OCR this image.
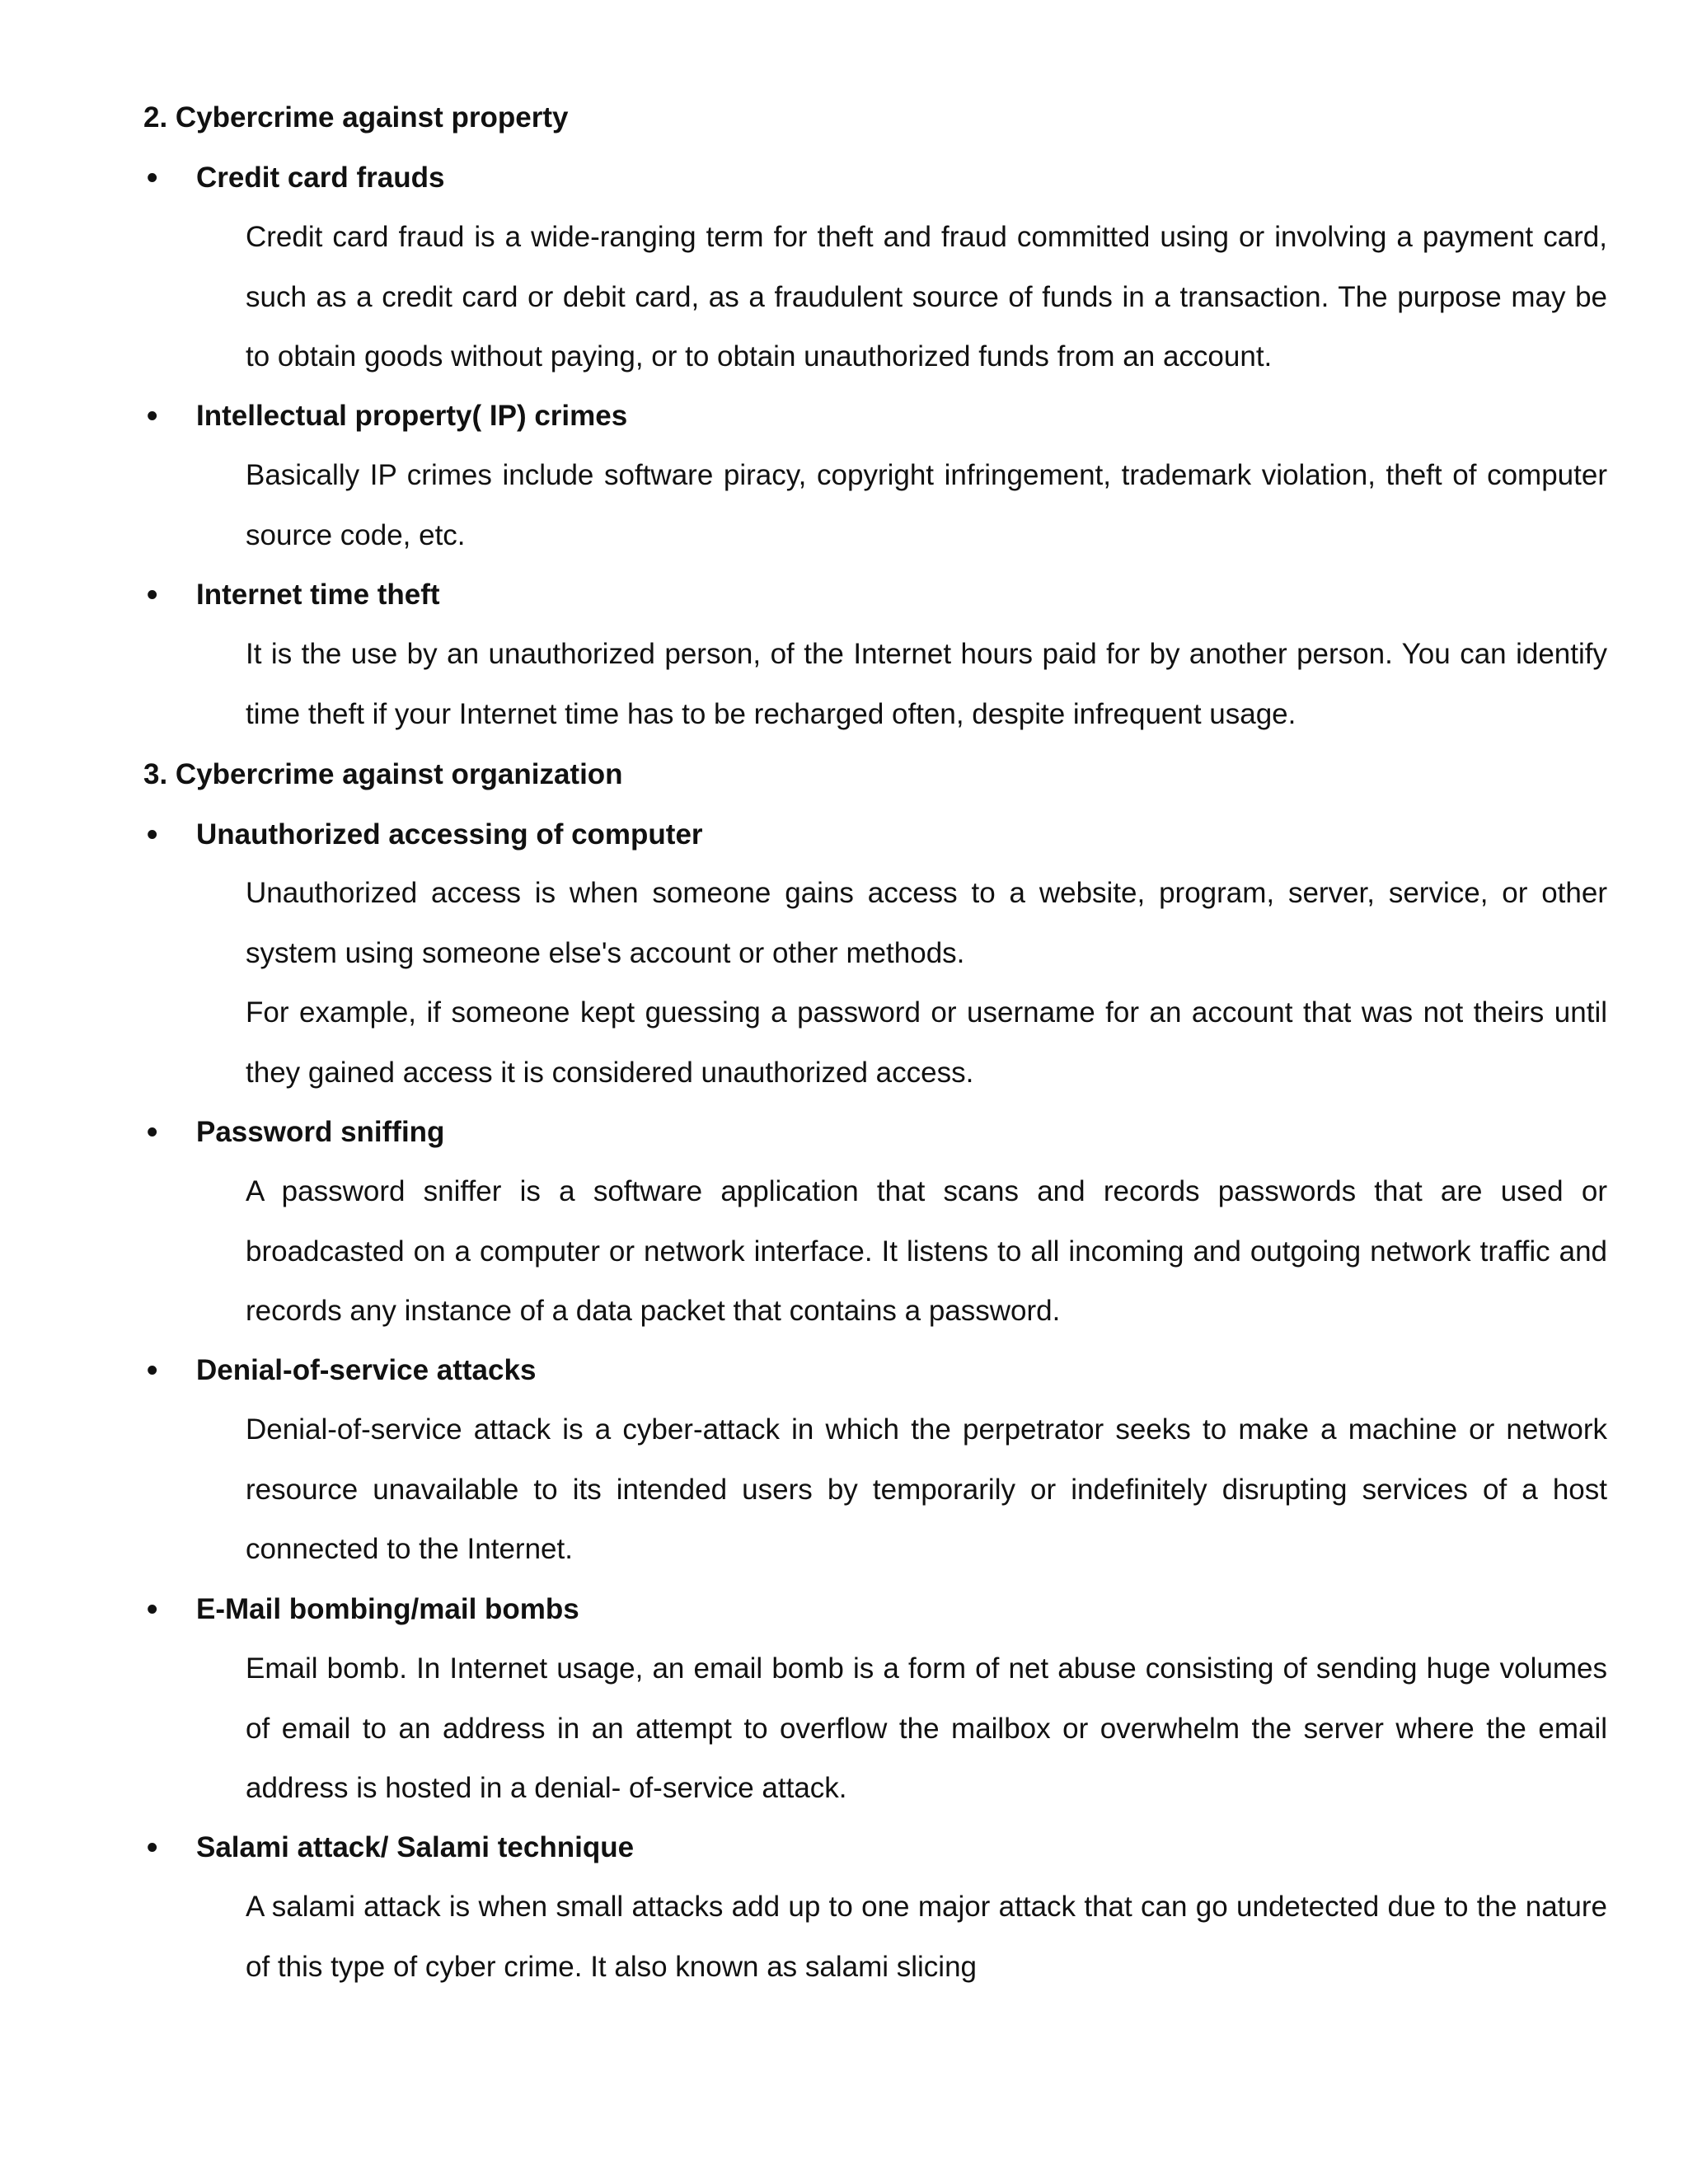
2. Cybercrime against property
• Credit card frauds
Credit card fraud is a wide-ranging term for theft and fraud committed using or involving a payment card, such as a credit card or debit card, as a fraudulent source of funds in a transaction. The purpose may be to obtain goods without paying, or to obtain unauthorized funds from an account.
• Intellectual property( IP) crimes
Basically IP crimes include software piracy, copyright infringement, trademark violation, theft of computer source code, etc.
• Internet time theft
It is the use by an unauthorized person, of the Internet hours paid for by another person. You can identify time theft if your Internet time has to be recharged often, despite infrequent usage.
3. Cybercrime against organization
• Unauthorized accessing of computer
Unauthorized access is when someone gains access to a website, program, server, service, or other system using someone else's account or other methods.
For example, if someone kept guessing a password or username for an account that was not theirs until they gained access it is considered unauthorized access.
• Password sniffing
A password sniffer is a software application that scans and records passwords that are used or broadcasted on a computer or network interface. It listens to all incoming and outgoing network traffic and records any instance of a data packet that contains a password.
• Denial-of-service attacks
Denial-of-service attack is a cyber-attack in which the perpetrator seeks to make a machine or network resource unavailable to its intended users by temporarily or indefinitely disrupting services of a host connected to the Internet.
• E-Mail bombing/mail bombs
Email bomb. In Internet usage, an email bomb is a form of net abuse consisting of sending huge volumes of email to an address in an attempt to overflow the mailbox or overwhelm the server where the email address is hosted in a denial- of-service attack.
• Salami attack/ Salami technique
A salami attack is when small attacks add up to one major attack that can go undetected due to the nature of this type of cyber crime. It also known as salami slicing
